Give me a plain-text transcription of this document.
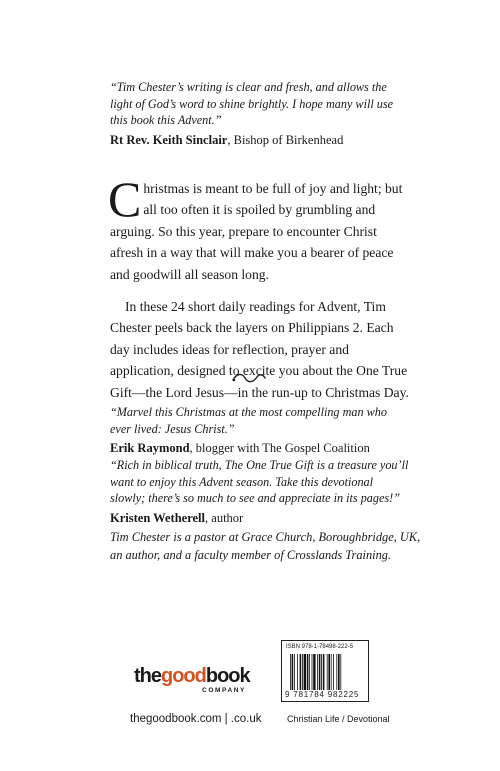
“Tim Chester’s writing is clear and fresh, and allows the light of God’s word to shine brightly. I hope many will use this book this Advent.”
Rt Rev. Keith Sinclair, Bishop of Birkenhead

Christmas is meant to be full of joy and light; but all too often it is spoiled by grumbling and arguing. So this year, prepare to encounter Christ afresh in a way that will make you a bearer of peace and goodwill all season long.

In these 24 short daily readings for Advent, Tim Chester peels back the layers on Philippians 2. Each day includes ideas for reflection, prayer and application, designed to excite you about the One True Gift—the Lord Jesus—in the run-up to Christmas Day.

“Marvel this Christmas at the most compelling man who ever lived: Jesus Christ.”
Erik Raymond, blogger with The Gospel Coalition
“Rich in biblical truth, The One True Gift is a treasure you’ll want to enjoy this Advent season. Take this devotional slowly; there’s so much to see and appreciate in its pages!”
Kristen Wetherell, author
Tim Chester is a pastor at Grace Church, Boroughbridge, UK, an author, and a faculty member of Crosslands Training.
thegoodbook
COMPANY
thegoodbook.com | .co.uk
ISBN 978-1-78498-222-5
9 781784 982225
Christian Life / Devotional
